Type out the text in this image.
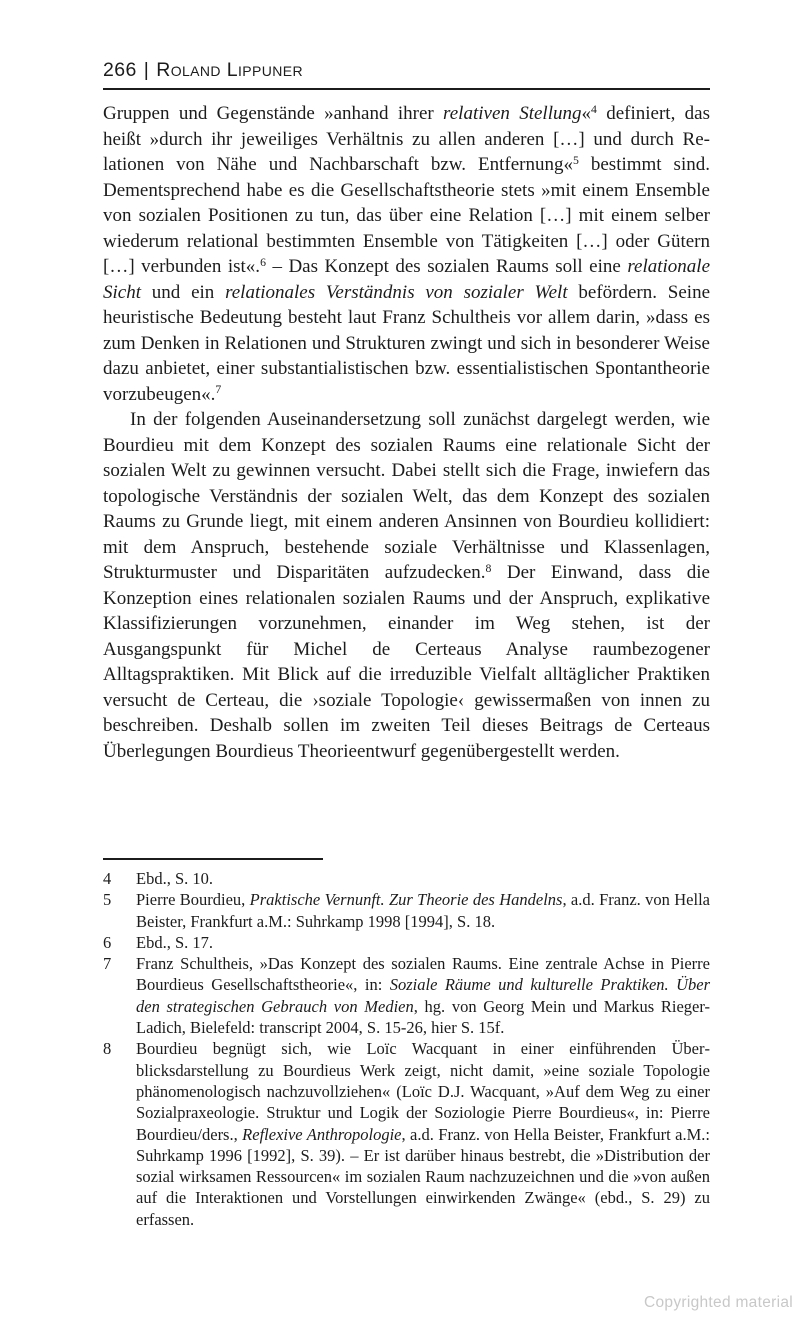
266 | Roland Lippuner

Gruppen und Gegenstände »anhand ihrer relativen Stellung«$^4$ definiert, das heißt »durch ihr jeweiliges Verhältnis zu allen anderen […] und durch Relationen von Nähe und Nachbarschaft bzw. Entfernung«$^5$ bestimmt sind. Dementsprechend habe es die Gesellschaftstheorie stets »mit einem Ensemble von sozialen Positionen zu tun, das über eine Relation […] mit einem selber wiederum relational bestimmten Ensemble von Tätigkeiten […] oder Gütern […] verbunden ist«.$^6$ – Das Konzept des sozialen Raums soll eine relationale Sicht und ein relationales Verständnis von sozialer Welt befördern. Seine heuristische Bedeutung besteht laut Franz Schultheis vor allem darin, »dass es zum Denken in Relationen und Strukturen zwingt und sich in besonderer Weise dazu anbietet, einer substantialistischen bzw. essentialistischen Spontantheorie vorzubeugen«.$^7$

In der folgenden Auseinandersetzung soll zunächst dargelegt werden, wie Bourdieu mit dem Konzept des sozialen Raums eine relationale Sicht der sozialen Welt zu gewinnen versucht. Dabei stellt sich die Frage, inwiefern das topologische Verständnis der sozialen Welt, das dem Konzept des sozialen Raums zu Grunde liegt, mit einem anderen Ansinnen von Bourdieu kollidiert: mit dem Anspruch, bestehende soziale Verhältnisse und Klassenlagen, Strukturmuster und Disparitäten aufzudecken.$^8$ Der Einwand, dass die Konzeption eines relationalen sozialen Raums und der Anspruch, explikative Klassifizierungen vorzunehmen, einander im Weg stehen, ist der Ausgangspunkt für Michel de Certeaus Analyse raumbezogener Alltagspraktiken. Mit Blick auf die irreduzible Vielfalt alltäglicher Praktiken versucht de Certeau, die ›soziale Topologie‹ gewissermaßen von innen zu beschreiben. Deshalb sollen im zweiten Teil dieses Beitrags de Certeaus Überlegungen Bourdieus Theorieentwurf gegenübergestellt werden.

4 Ebd., S. 10.
5 Pierre Bourdieu, Praktische Vernunft. Zur Theorie des Handelns, a.d. Franz. von Hella Beister, Frankfurt a.M.: Suhrkamp 1998 [1994], S. 18.
6 Ebd., S. 17.
7 Franz Schultheis, »Das Konzept des sozialen Raums. Eine zentrale Achse in Pierre Bourdieus Gesellschaftstheorie«, in: Soziale Räume und kulturelle Praktiken. Über den strategischen Gebrauch von Medien, hg. von Georg Mein und Markus Rieger-Ladich, Bielefeld: transcript 2004, S. 15-26, hier S. 15f.
8 Bourdieu begnügt sich, wie Loïc Wacquant in einer einführenden Überblicksdarstellung zu Bourdieus Werk zeigt, nicht damit, »eine soziale Topologie phänomenologisch nachzuvollziehen« (Loïc D.J. Wacquant, »Auf dem Weg zu einer Sozialpraxeologie. Struktur und Logik der Soziologie Pierre Bourdieus«, in: Pierre Bourdieu/ders., Reflexive Anthropologie, a.d. Franz. von Hella Beister, Frankfurt a.M.: Suhrkamp 1996 [1992], S. 39). – Er ist darüber hinaus bestrebt, die »Distribution der sozial wirksamen Ressourcen« im sozialen Raum nachzuzeichnen und die »von außen auf die Interaktionen und Vorstellungen einwirkenden Zwänge« (ebd., S. 29) zu erfassen.
Copyrighted material
